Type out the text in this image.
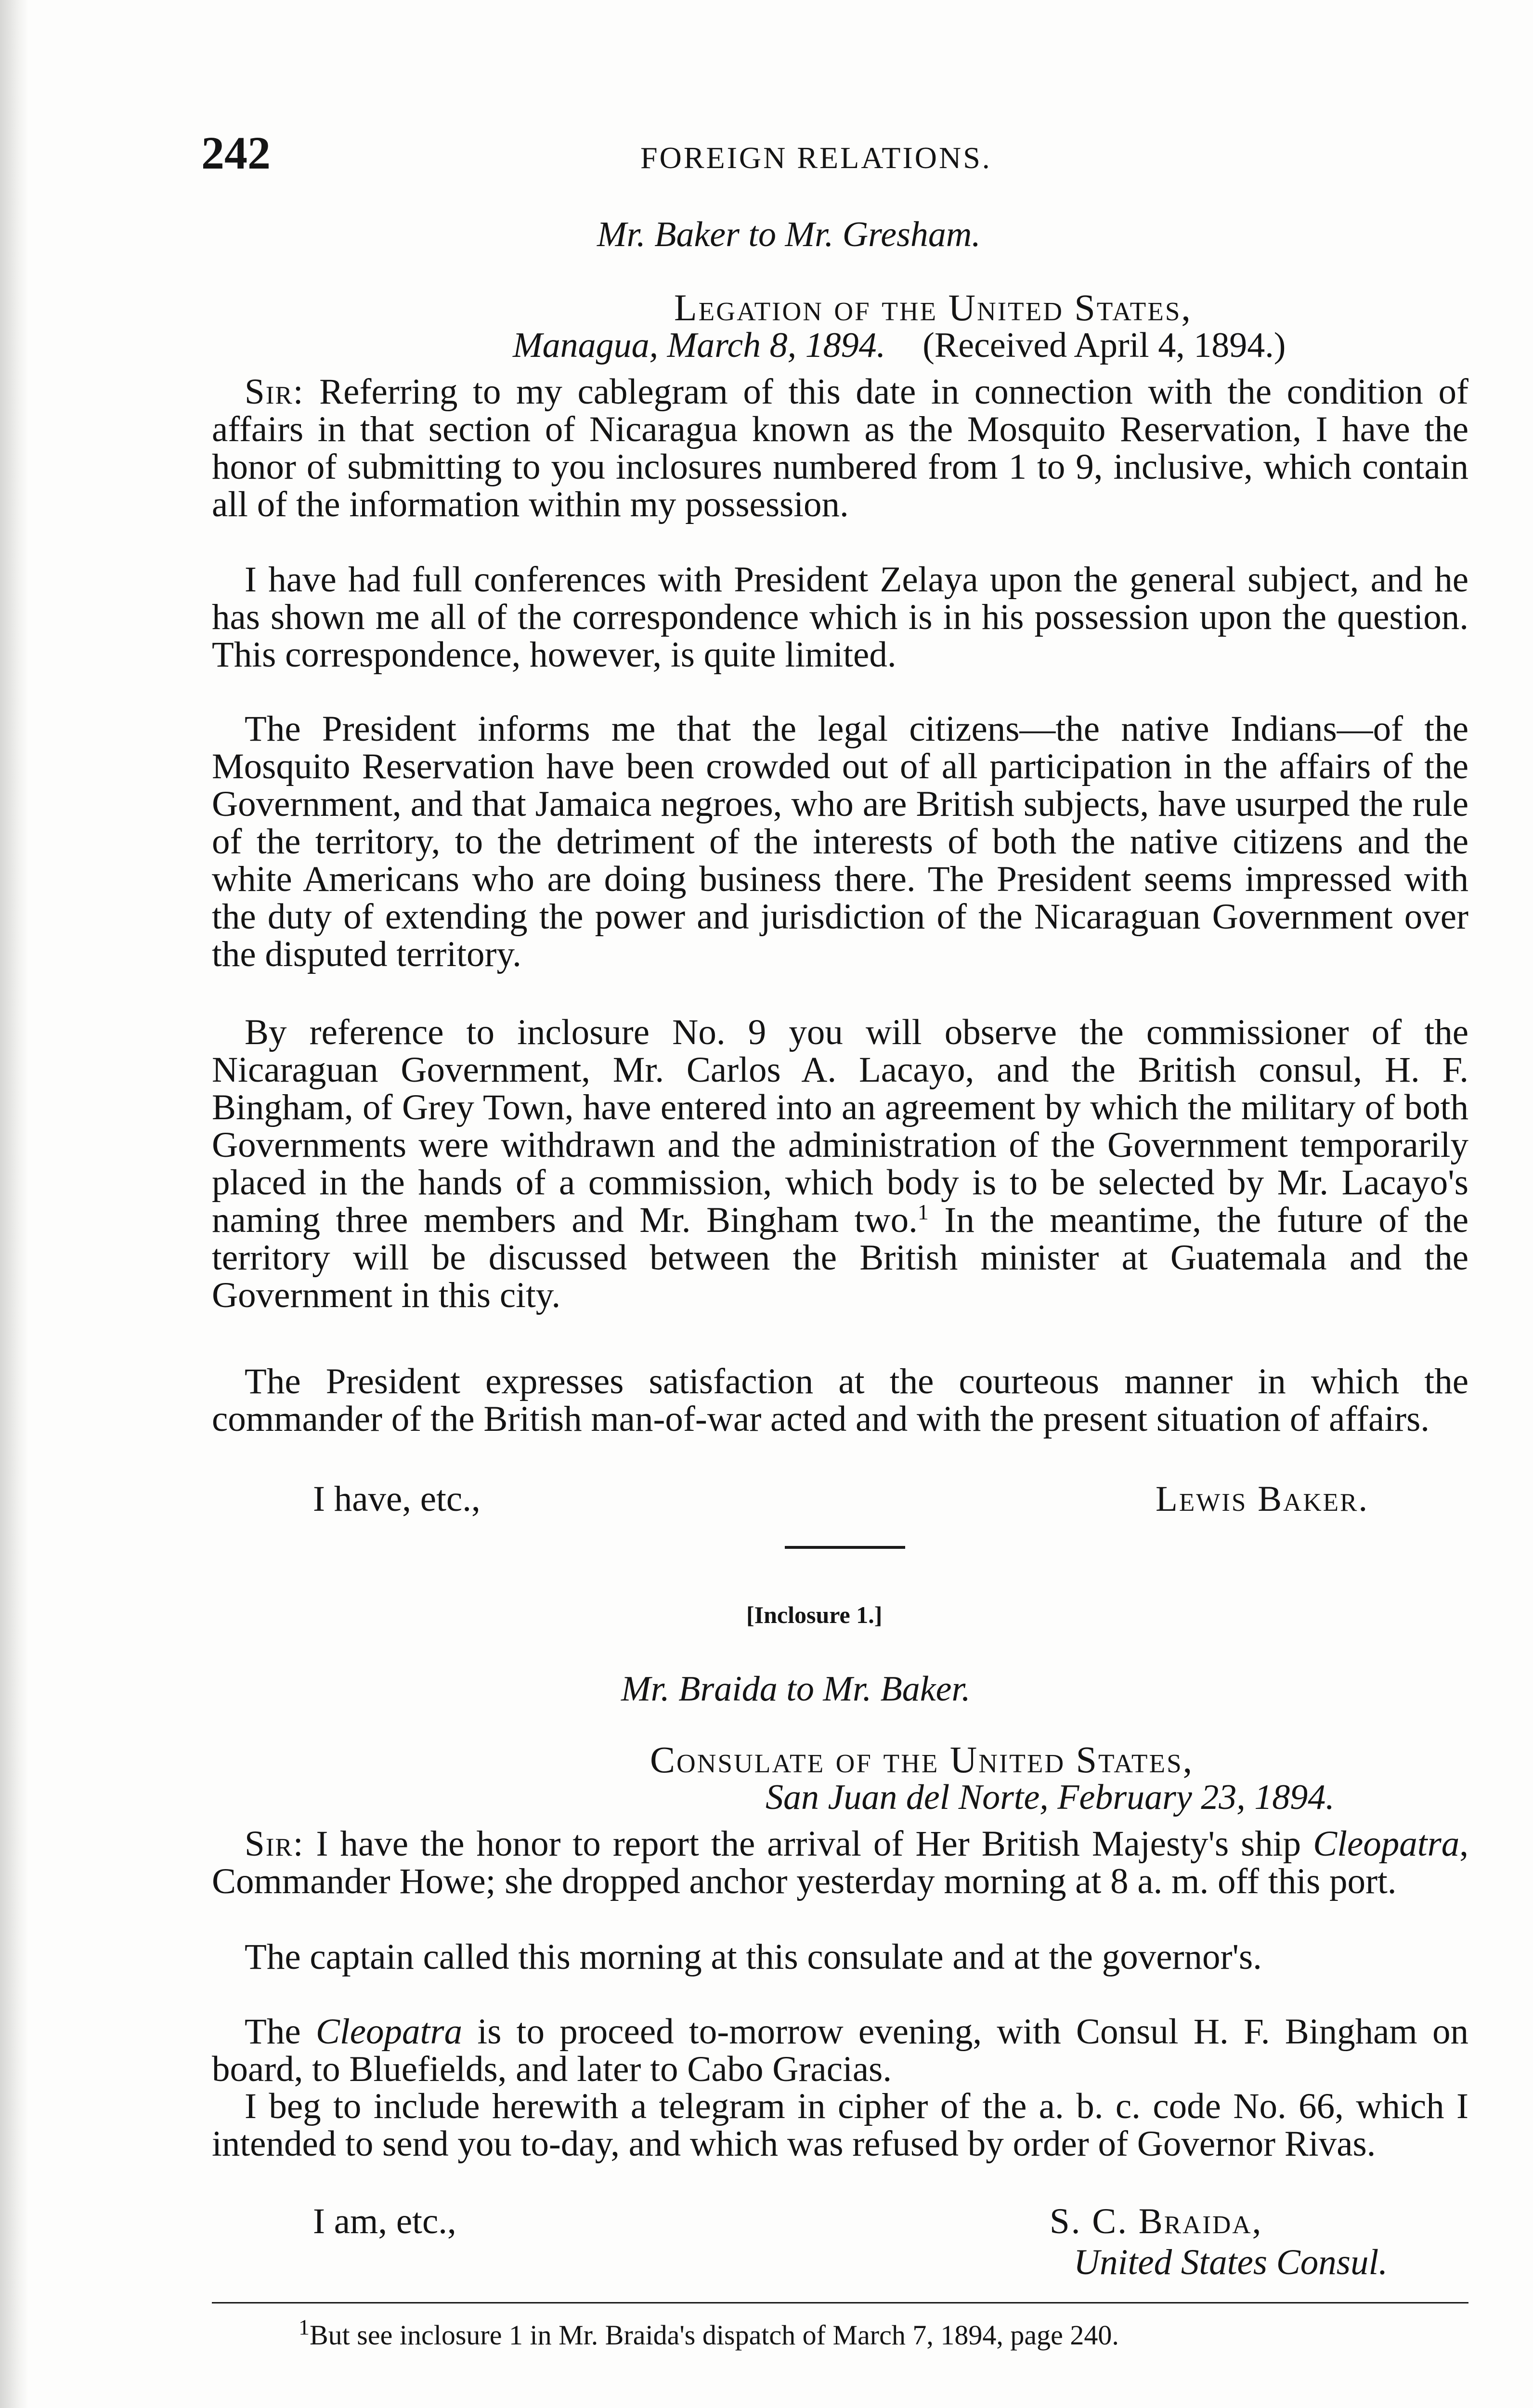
242	FOREIGN RELATIONS.
Mr. Baker to Mr. Gresham.
Legation of the United States,
Managua, March 8, 1894. (Received April 4, 1894.)

Sir: Referring to my cablegram of this date in connection with the condition of affairs in that section of Nicaragua known as the Mosquito Reservation, I have the honor of submitting to you inclosures numbered from 1 to 9, inclusive, which contain all of the information within my possession.

I have had full conferences with President Zelaya upon the general subject, and he has shown me all of the correspondence which is in his possession upon the question. This correspondence, however, is quite limited.

The President informs me that the legal citizens—the native Indians—of the Mosquito Reservation have been crowded out of all participation in the affairs of the Government, and that Jamaica negroes, who are British subjects, have usurped the rule of the territory, to the detriment of the interests of both the native citizens and the white Americans who are doing business there. The President seems impressed with the duty of extending the power and jurisdiction of the Nicaraguan Government over the disputed territory.

By reference to inclosure No. 9 you will observe the commissioner of the Nicaraguan Government, Mr. Carlos A. Lacayo, and the British consul, H. F. Bingham, of Grey Town, have entered into an agreement by which the military of both Governments were withdrawn and the administration of the Government temporarily placed in the hands of a commission, which body is to be selected by Mr. Lacayo's naming three members and Mr. Bingham two.$^1$ In the meantime, the future of the territory will be discussed between the British minister at Guatemala and the Government in this city.

The President expresses satisfaction at the courteous manner in which the commander of the British man-of-war acted and with the present situation of affairs.

I have, etc.,	Lewis Baker.
[Inclosure 1.]
Mr. Braida to Mr. Baker.
Consulate of the United States,
San Juan del Norte, February 23, 1894.

Sir: I have the honor to report the arrival of Her British Majesty's ship Cleopatra, Commander Howe; she dropped anchor yesterday morning at 8 a. m. off this port.

The captain called this morning at this consulate and at the governor's.

The Cleopatra is to proceed to-morrow evening, with Consul H. F. Bingham on board, to Bluefields, and later to Cabo Gracias.

I beg to include herewith a telegram in cipher of the a. b. c. code No. 66, which I intended to send you to-day, and which was refused by order of Governor Rivas.

I am, etc.,	S. C. Braida,
United States Consul.
$^1$But see inclosure 1 in Mr. Braida's dispatch of March 7, 1894, page 240.
